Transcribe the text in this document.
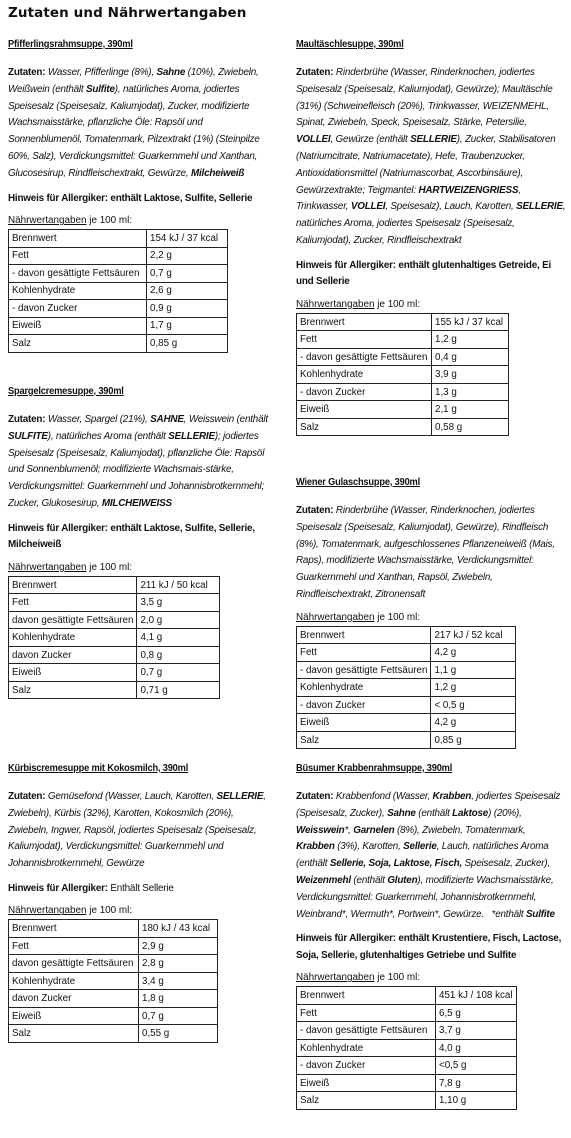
Zutaten und Nährwertangaben
Pfifferlingsrahmsuppe, 390ml
Zutaten: Wasser, Pfifferlinge (8%), Sahne (10%), Zwiebeln, Weißwein (enthält Sulfite), natürliches Aroma, jodiertes Speisesalz (Speisesalz, Kaliumjodat), Zucker, modifizierte Wachsmaisstärke, pflanzliche Öle: Rapsöl und Sonnenblumenöl, Tomatenmark, Pilzextrakt (1%) (Steinpilze 60%, Salz), Verdickungsmittel: Guarkernmehl und Xanthan, Glucosesirup, Rindfleischextrakt, Gewürze, Milcheiweiß
Hinweis für Allergiker: enthält Laktose, Sulfite, Sellerie
Nährwertangaben je 100 ml:
Brennwert	154 kJ / 37 kcal
Fett	2,2 g
- davon gesättigte Fettsäuren	0,7 g
Kohlenhydrate	2,6 g
- davon Zucker	0,9 g
Eiweiß	1,7 g
Salz	0,85 g
Spargelcremesuppe, 390ml
Zutaten: Wasser, Spargel (21%), SAHNE, Weisswein (enthält SULFITE), natürliches Aroma (enthält SELLERIE); jodiertes Speisesalz (Speisesalz, Kaliumjodat), pflanzliche Öle: Rapsöl und Sonnenblumenöl; modifizierte Wachsmais-stärke, Verdickungsmittel: Guarkernmehl und Johannisbrotkernmehl; Zucker, Glukosesirup, MILCHEIWEISS
Hinweis für Allergiker: enthält Laktose, Sulfite, Sellerie, Milcheiweiß
Nährwertangaben je 100 ml:
Brennwert	211 kJ / 50 kcal
Fett	3,5 g
davon gesättigte Fettsäuren	2,0 g
Kohlenhydrate	4,1 g
davon Zucker	0,8 g
Eiweiß	0,7 g
Salz	0,71 g
Kürbiscremesuppe mit Kokosmilch, 390ml
Zutaten: Gemüsefond (Wasser, Lauch, Karotten, SELLERIE, Zwiebeln), Kürbis (32%), Karotten, Kokosmilch (20%), Zwiebeln, Ingwer, Rapsöl, jodiertes Speisesalz (Speisesalz, Kaliumjodat), Verdickungsmittel: Guarkernmehl und Johannisbrotkernmehl, Gewürze
Hinweis für Allergiker: Enthält Sellerie
Nährwertangaben je 100 ml:
Brennwert	180 kJ / 43 kcal
Fett	2,9 g
davon gesättigte Fettsäuren	2,8 g
Kohlenhydrate	3,4 g
davon Zucker	1,8 g
Eiweiß	0,7 g
Salz	0,55 g
Maultäschlesuppe, 390ml
Zutaten: Rinderbrühe (Wasser, Rinderknochen, jodiertes Speisesalz (Speisesalz, Kaliumjodat), Gewürze); Maultäschle (31%) (Schweinefleisch (20%), Trinkwasser, WEIZENMEHL, Spinat, Zwiebeln, Speck, Speisesalz, Stärke, Petersilie, VOLLEI, Gewürze (enthält SELLERIE), Zucker, Stabilisatoren (Natriumcitrate, Natriumacetate), Hefe, Traubenzucker, Antioxidationsmittel (Natriumascorbat, Ascorbinsäure), Gewürzextrakte; Teigmantel: HARTWEIZENGRIESS, Trinkwasser, VOLLEI, Speisesalz), Lauch, Karotten, SELLERIE, natürliches Aroma, jodiertes Speisesalz (Speisesalz, Kaliumjodat), Zucker, Rindfleischextrakt
Hinweis für Allergiker: enthält glutenhaltiges Getreide, Ei und Sellerie
Nährwertangaben je 100 ml:
Brennwert	155 kJ / 37 kcal
Fett	1,2 g
- davon gesättigte Fettsäuren	0,4 g
Kohlenhydrate	3,9 g
- davon Zucker	1,3 g
Eiweiß	2,1 g
Salz	0,58 g
Wiener Gulaschsuppe, 390ml
Zutaten: Rinderbrühe (Wasser, Rinderknochen, jodiertes Speisesalz (Speisesalz, Kaliumjodat), Gewürze), Rindfleisch (8%), Tomatenmark, aufgeschlossenes Pflanzeneiweiß (Mais, Raps), modifizierte Wachsmaisstärke, Verdickungsmittel: Guarkernmehl und Xanthan, Rapsöl, Zwiebeln, Rindfleischextrakt, Zitronensaft
Nährwertangaben je 100 ml:
Brennwert	217 kJ / 52 kcal
Fett	4,2 g
- davon gesättigte Fettsäuren	1,1 g
Kohlenhydrate	1,2 g
- davon Zucker	< 0,5 g
Eiweiß	4,2 g
Salz	0,85 g
Büsumer Krabbenrahmsuppe, 390ml
Zutaten: Krabbenfond (Wasser, Krabben, jodiertes Speisesalz (Speisesalz, Zucker), Sahne (enthält Laktose) (20%), Weisswein*, Garnelen (8%), Zwiebeln, Tomatenmark, Krabben (3%), Karotten, Sellerie, Lauch, natürliches Aroma (enthält Sellerie, Soja, Laktose, Fisch, Speisesalz, Zucker), Weizenmehl (enthält Gluten), modifizierte Wachsmaisstärke, Verdickungsmittel: Guarkernmehl, Johannisbrotkernmehl, Weinbrand*, Wermuth*, Portwein*, Gewürze.   *enthält Sulfite
Hinweis für Allergiker: enthält Krustentiere, Fisch, Lactose, Soja, Sellerie, glutenhaltiges Getriebe und Sulfite
Nährwertangaben je 100 ml:
Brennwert	451 kJ / 108 kcal
Fett	6,5 g
- davon gesättigte Fettsäuren	3,7 g
Kohlenhydrate	4,0 g
- davon Zucker	<0,5 g
Eiweiß	7,8 g
Salz	1,10 g
